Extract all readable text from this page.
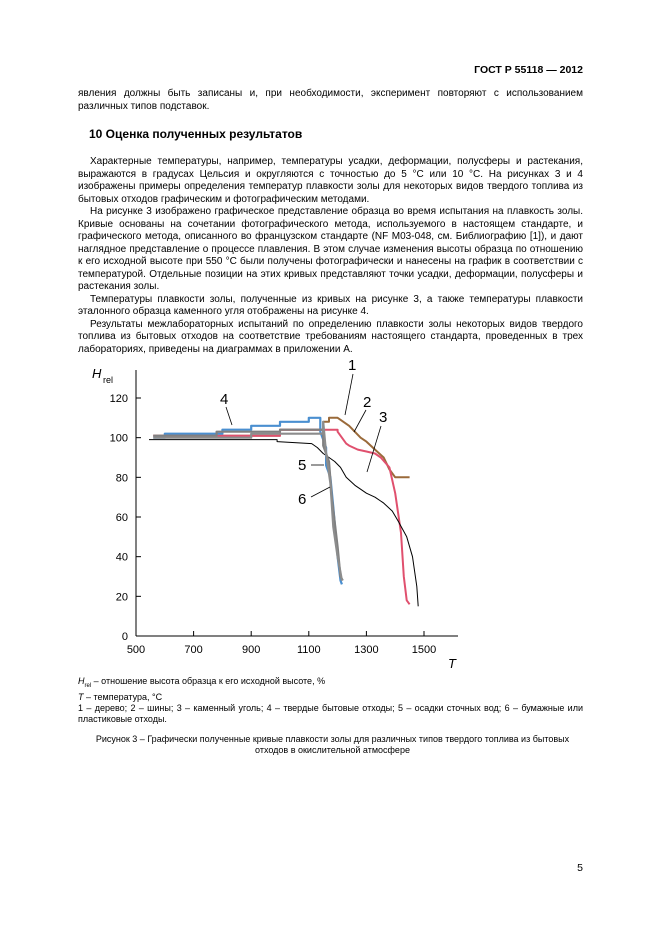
ГОСТ Р 55118 — 2012

явления должны быть записаны и, при необходимости, эксперимент повторяют с использованием различных типов подставок.

10 Оценка полученных результатов

Характерные температуры, например, температуры усадки, деформации, полусферы и растекания, выражаются в градусах Цельсия и округляются с точностью до 5 °С или 10 °С. На рисунках 3 и 4 изображены примеры определения температур плавкости золы для некоторых видов твердого топлива из бытовых отходов графическим и фотографическим методами.

На рисунке 3 изображено графическое представление образца во время испытания на плавкость золы. Кривые основаны на сочетании фотографического метода, используемого в настоящем стандарте, и графического метода, описанного во французском стандарте (NF M03-048, см. Библиографию [1]), и дают наглядное представление о процессе плавления. В этом случае изменения высоты образца по отношению к его исходной высоте при 550 °С были получены фотографически и нанесены на график в соответствии с температурой. Отдельные позиции на этих кривых представляют точки усадки, деформации, полусферы и растекания золы.

Температуры плавкости золы, полученные из кривых на рисунке 3, а также температуры плавкости эталонного образца каменного угля отображены на рисунке 4.

Результаты межлабораторных испытаний по определению плавкости золы некоторых видов твердого топлива из бытовых отходов на соответствие требованиям настоящего стандарта, проведенных в трех лабораториях, приведены на диаграммах в приложении А.

0
20
40
60
80
100
120
500	700	900	1100	1300	1500
H rel
T
1
2
3
4
5
6

$H_{rel}$ – отношение высота образца к его исходной высоте, %

T – температура, °С

1 – дерево; 2 – шины; 3 – каменный уголь; 4 – твердые бытовые отходы; 5 – осадки сточных вод; 6 – бумажные или пластиковые отходы.

Рисунок 3 – Графически полученные кривые плавкости золы для различных типов твердого топлива из бытовых отходов в окислительной атмосфере
5
